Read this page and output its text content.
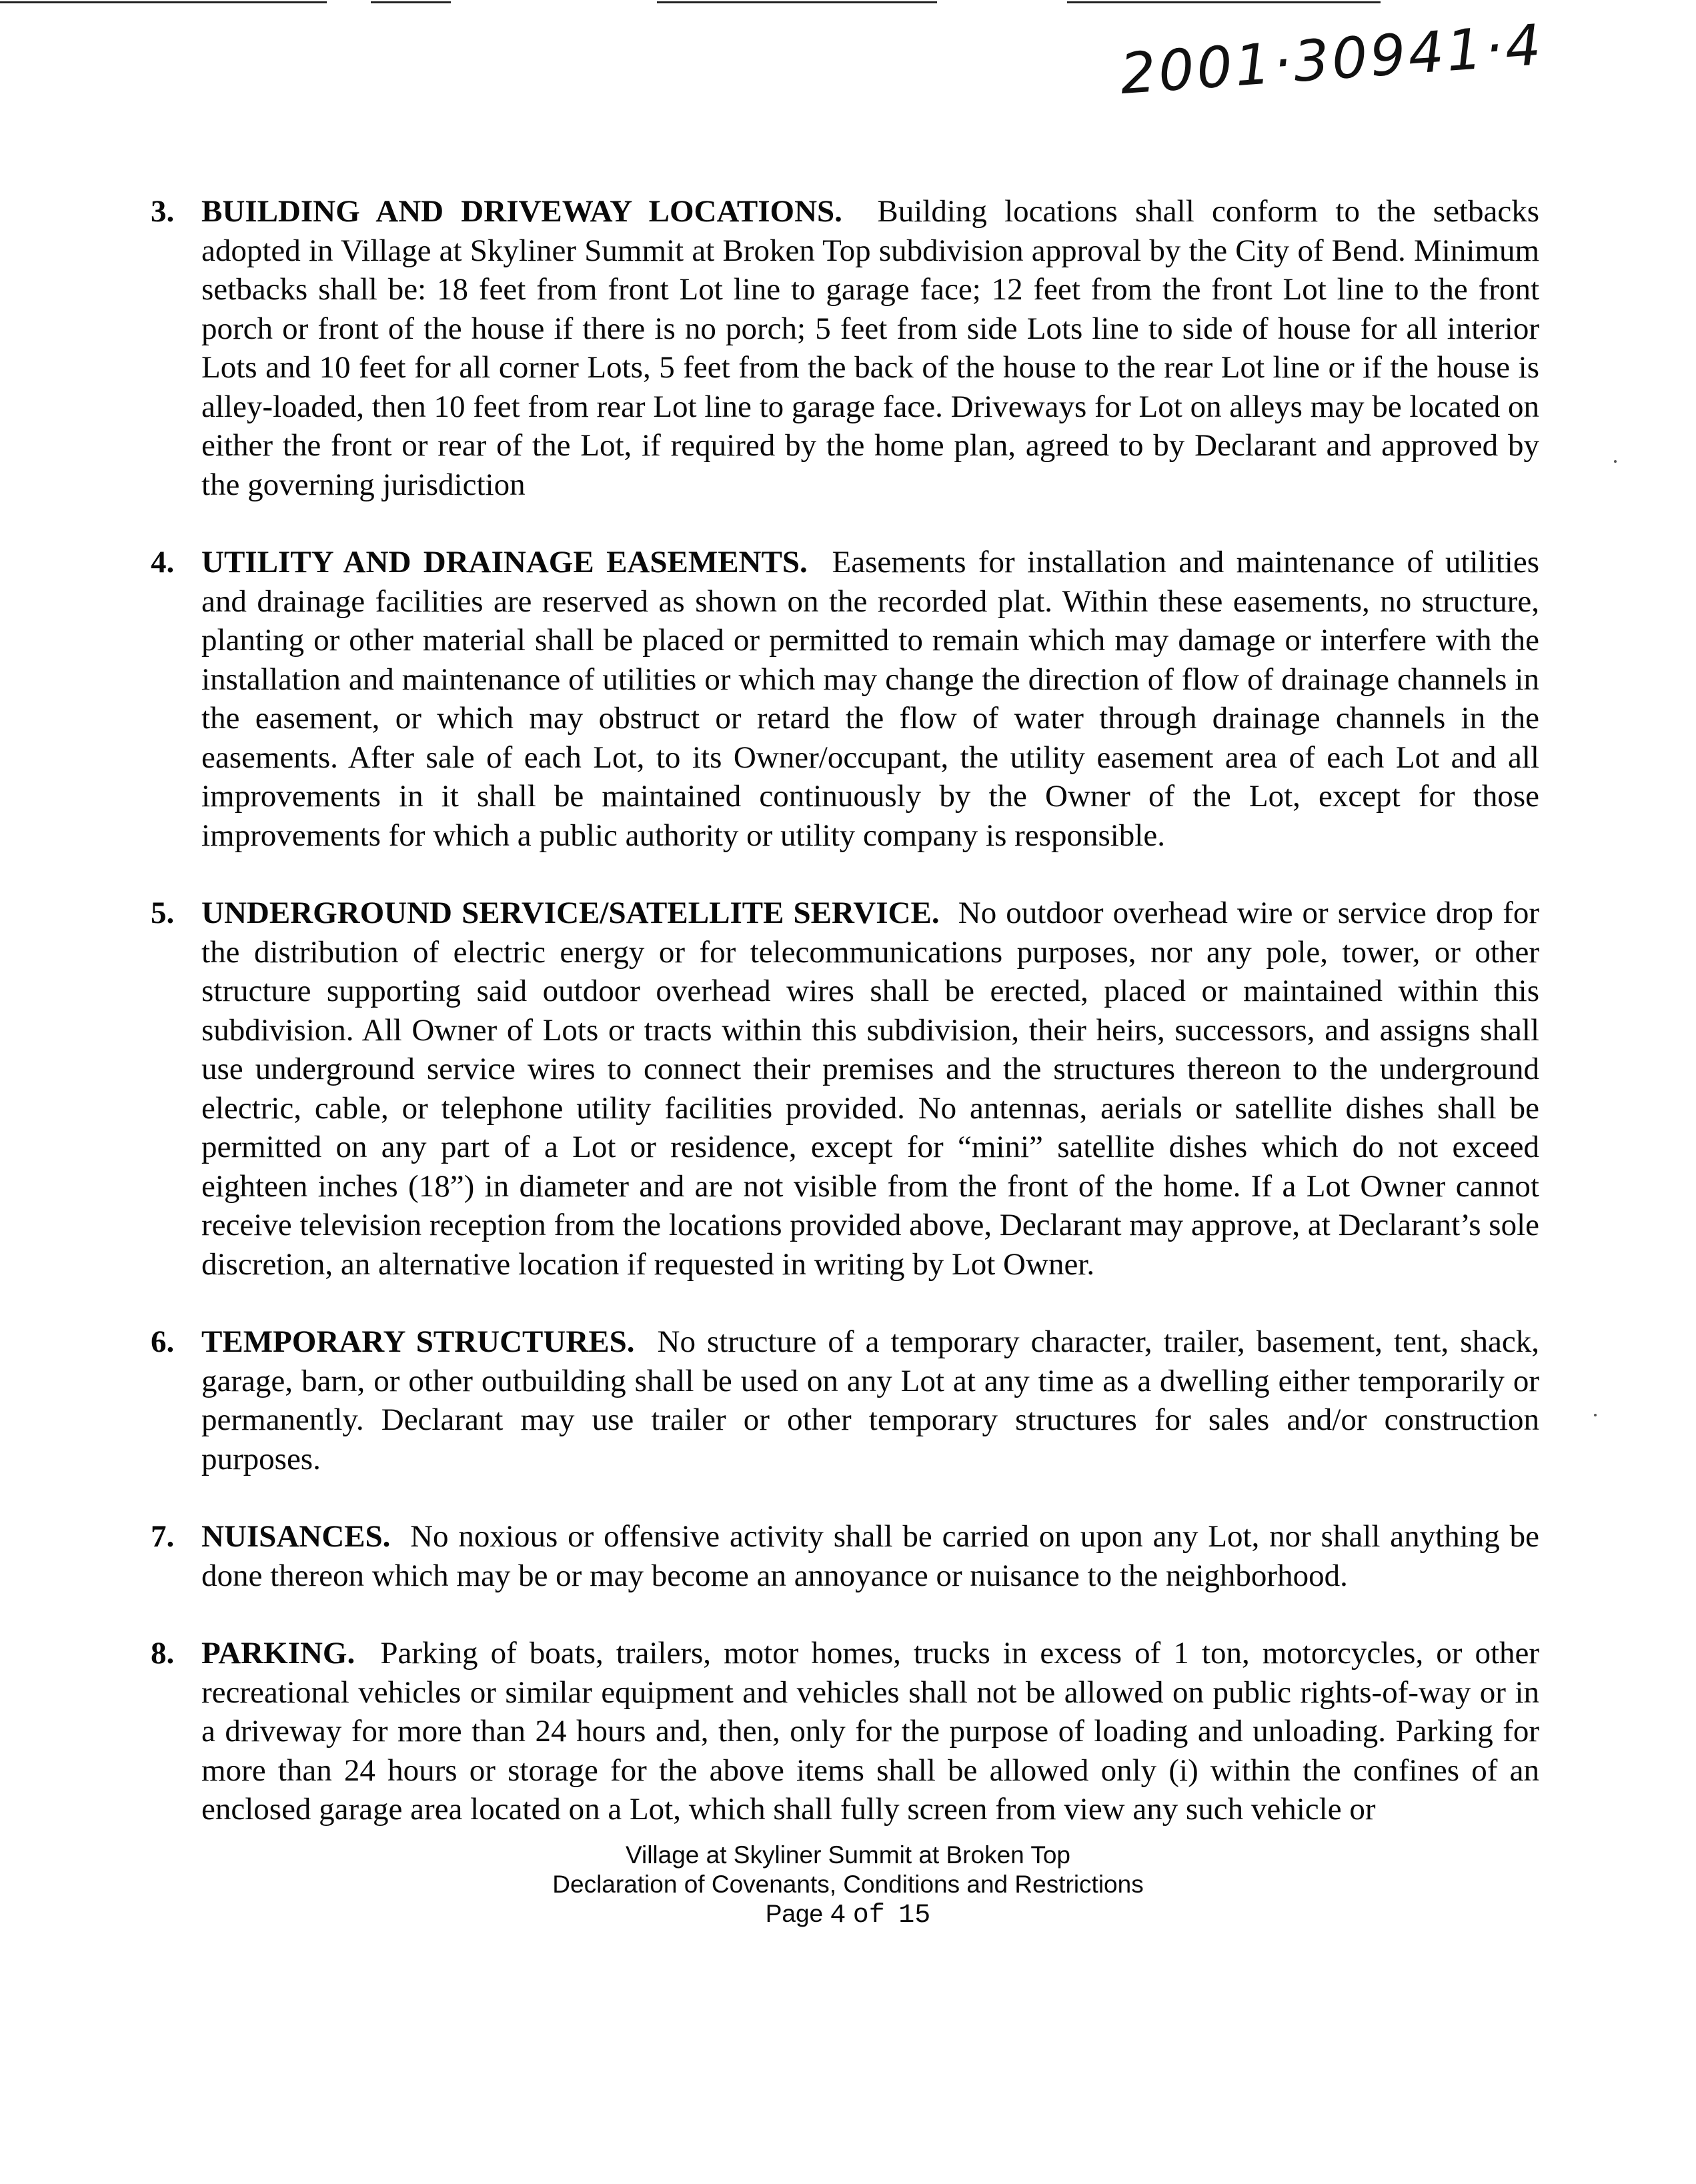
2001·30941·4
3. BUILDING AND DRIVEWAY LOCATIONS. Building locations shall conform to the setbacks adopted in Village at Skyliner Summit at Broken Top subdivision approval by the City of Bend. Minimum setbacks shall be: 18 feet from front Lot line to garage face; 12 feet from the front Lot line to the front porch or front of the house if there is no porch; 5 feet from side Lots line to side of house for all interior Lots and 10 feet for all corner Lots, 5 feet from the back of the house to the rear Lot line or if the house is alley-loaded, then 10 feet from rear Lot line to garage face. Driveways for Lot on alleys may be located on either the front or rear of the Lot, if required by the home plan, agreed to by Declarant and approved by the governing jurisdiction
4. UTILITY AND DRAINAGE EASEMENTS. Easements for installation and maintenance of utilities and drainage facilities are reserved as shown on the recorded plat. Within these easements, no structure, planting or other material shall be placed or permitted to remain which may damage or interfere with the installation and maintenance of utilities or which may change the direction of flow of drainage channels in the easement, or which may obstruct or retard the flow of water through drainage channels in the easements. After sale of each Lot, to its Owner/occupant, the utility easement area of each Lot and all improvements in it shall be maintained continuously by the Owner of the Lot, except for those improvements for which a public authority or utility company is responsible.
5. UNDERGROUND SERVICE/SATELLITE SERVICE. No outdoor overhead wire or service drop for the distribution of electric energy or for telecommunications purposes, nor any pole, tower, or other structure supporting said outdoor overhead wires shall be erected, placed or maintained within this subdivision. All Owner of Lots or tracts within this subdivision, their heirs, successors, and assigns shall use underground service wires to connect their premises and the structures thereon to the underground electric, cable, or telephone utility facilities provided. No antennas, aerials or satellite dishes shall be permitted on any part of a Lot or residence, except for “mini” satellite dishes which do not exceed eighteen inches (18”) in diameter and are not visible from the front of the home. If a Lot Owner cannot receive television reception from the locations provided above, Declarant may approve, at Declarant’s sole discretion, an alternative location if requested in writing by Lot Owner.
6. TEMPORARY STRUCTURES. No structure of a temporary character, trailer, basement, tent, shack, garage, barn, or other outbuilding shall be used on any Lot at any time as a dwelling either temporarily or permanently. Declarant may use trailer or other temporary structures for sales and/or construction purposes.
7. NUISANCES. No noxious or offensive activity shall be carried on upon any Lot, nor shall anything be done thereon which may be or may become an annoyance or nuisance to the neighborhood.
8. PARKING. Parking of boats, trailers, motor homes, trucks in excess of 1 ton, motorcycles, or other recreational vehicles or similar equipment and vehicles shall not be allowed on public rights-of-way or in a driveway for more than 24 hours and, then, only for the purpose of loading and unloading. Parking for more than 24 hours or storage for the above items shall be allowed only (i) within the confines of an enclosed garage area located on a Lot, which shall fully screen from view any such vehicle or
Village at Skyliner Summit at Broken Top
Declaration of Covenants, Conditions and Restrictions
Page 4 of 15
